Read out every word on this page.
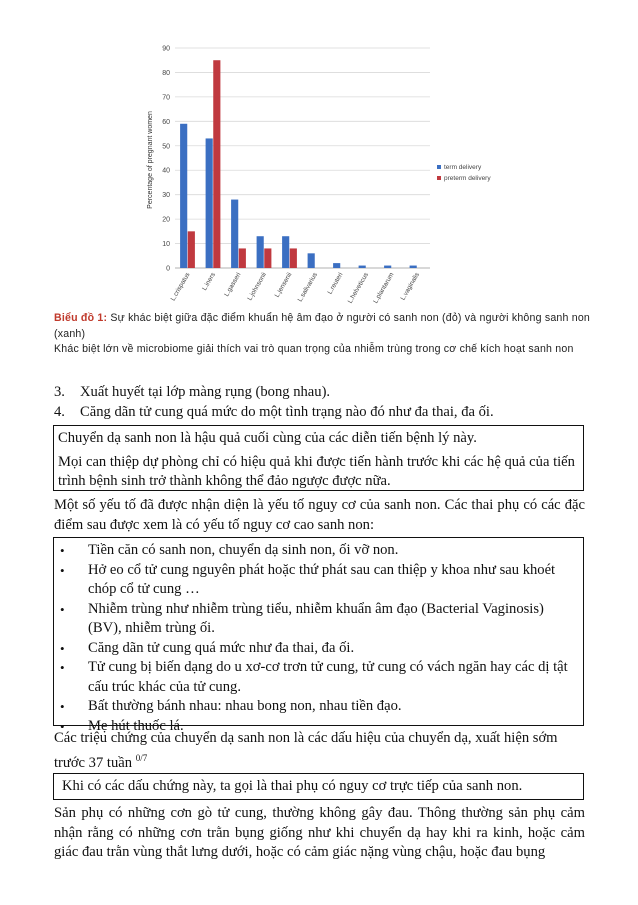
0
10
20
30
40
50
60
70
80
90
L.crispatus L.iners L.gasseri L.johnsonii L.jensenii L.salivarius L.reuteri L.helveticus L.plantarum L.vaginalis
Percentage of pregnant women	term delivery
preterm delivery
Biểu đồ 1: Sự khác biệt giữa đặc điểm khuẩn hệ âm đạo ở người có sanh non (đỏ) và người không sanh non (xanh)
Khác biệt lớn về microbiome giải thích vai trò quan trọng của nhiễm trùng trong cơ chế kích hoạt sanh non
3. Xuất huyết tại lớp màng rụng (bong nhau).
4. Căng dãn tử cung quá mức do một tình trạng nào đó như đa thai, đa ối.
Chuyển dạ sanh non là hậu quả cuối cùng của các diễn tiến bệnh lý này.
Mọi can thiệp dự phòng chỉ có hiệu quả khi được tiến hành trước khi các hệ quả của tiến trình bệnh sinh trở thành không thể đảo ngược được nữa.
Một số yếu tố đã được nhận diện là yếu tố nguy cơ của sanh non. Các thai phụ có các đặc điểm sau được xem là có yếu tố nguy cơ cao sanh non:
• Tiền căn có sanh non, chuyển dạ sinh non, ối vỡ non.
• Hở eo cổ tử cung nguyên phát hoặc thứ phát sau can thiệp y khoa như sau khoét chóp cổ tử cung …
• Nhiễm trùng như nhiễm trùng tiểu, nhiễm khuẩn âm đạo (Bacterial Vaginosis) (BV), nhiễm trùng ối.
• Căng dãn tử cung quá mức như đa thai, đa ối.
• Tử cung bị biến dạng do u xơ-cơ trơn tử cung, tử cung có vách ngăn hay các dị tật cấu trúc khác của tử cung.
• Bất thường bánh nhau: nhau bong non, nhau tiền đạo.
• Mẹ hút thuốc lá.
Các triệu chứng của chuyển dạ sanh non là các dấu hiệu của chuyển dạ, xuất hiện sớm trước 37 tuần $^{0/7}$
Khi có các dấu chứng này, ta gọi là thai phụ có nguy cơ trực tiếp của sanh non.
Sản phụ có những cơn gò tử cung, thường không gây đau. Thông thường sản phụ cảm nhận rằng có những cơn trằn bụng giống như khi chuyển dạ hay khi ra kinh, hoặc cảm giác đau trằn vùng thắt lưng dưới, hoặc có cảm giác nặng vùng chậu, hoặc đau bụng
